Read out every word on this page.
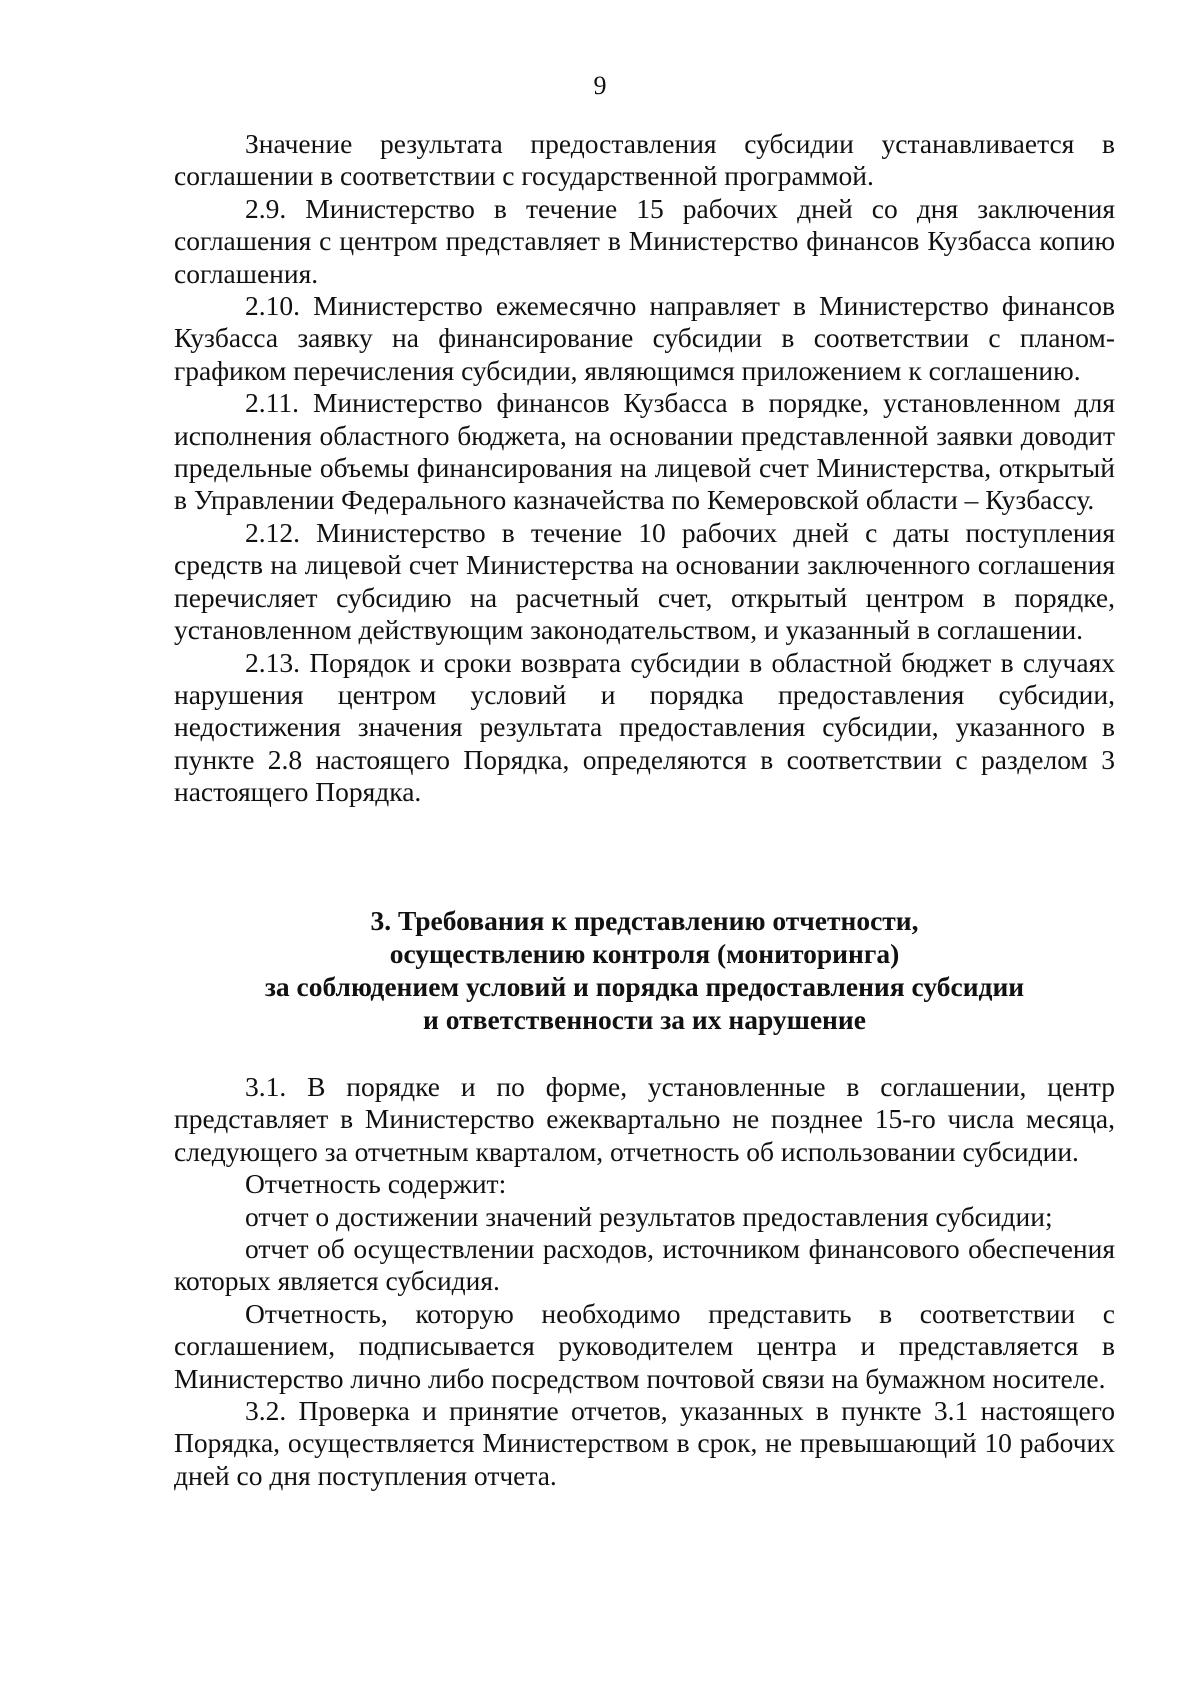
9

Значение результата предоставления субсидии устанавливается в соглашении в соответствии с государственной программой.

2.9. Министерство в течение 15 рабочих дней со дня заключения соглашения с центром представляет в Министерство финансов Кузбасса копию соглашения.

2.10. Министерство ежемесячно направляет в Министерство финансов Кузбасса заявку на финансирование субсидии в соответствии с планом-графиком перечисления субсидии, являющимся приложением к соглашению.

2.11. Министерство финансов Кузбасса в порядке, установленном для исполнения областного бюджета, на основании представленной заявки доводит предельные объемы финансирования на лицевой счет Министерства, открытый в Управлении Федерального казначейства по Кемеровской области – Кузбассу.

2.12. Министерство в течение 10 рабочих дней с даты поступления средств на лицевой счет Министерства на основании заключенного соглашения перечисляет субсидию на расчетный счет, открытый центром в порядке, установленном действующим законодательством, и указанный в соглашении.

2.13. Порядок и сроки возврата субсидии в областной бюджет в случаях нарушения центром условий и порядка предоставления субсидии, недостижения значения результата предоставления субсидии, указанного в пункте 2.8 настоящего Порядка, определяются в соответствии с разделом 3 настоящего Порядка.

3. Требования к представлению отчетности,
осуществлению контроля (мониторинга)
за соблюдением условий и порядка предоставления субсидии
и ответственности за их нарушение

3.1. В порядке и по форме, установленные в соглашении, центр представляет в Министерство ежеквартально не позднее 15-го числа месяца, следующего за отчетным кварталом, отчетность об использовании субсидии.

Отчетность содержит:

отчет о достижении значений результатов предоставления субсидии;

отчет об осуществлении расходов, источником финансового обеспечения которых является субсидия.

Отчетность, которую необходимо представить в соответствии с соглашением, подписывается руководителем центра и представляется в Министерство лично либо посредством почтовой связи на бумажном носителе.

3.2. Проверка и принятие отчетов, указанных в пункте 3.1 настоящего Порядка, осуществляется Министерством в срок, не превышающий 10 рабочих дней со дня поступления отчета.
